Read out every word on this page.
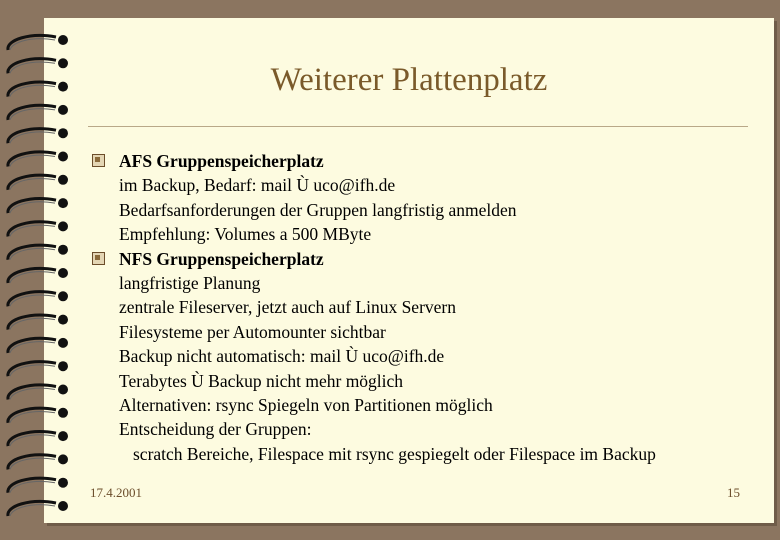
Weiterer Plattenplatz
AFS Gruppenspeicherplatz
im Backup, Bedarf: mail Ù uco@ifh.de
Bedarfsanforderungen der Gruppen langfristig anmelden
Empfehlung: Volumes a 500 MByte
NFS Gruppenspeicherplatz
langfristige Planung
zentrale Fileserver, jetzt auch auf Linux Servern
Filesysteme per Automounter sichtbar
Backup nicht automatisch: mail Ù uco@ifh.de
Terabytes Ù Backup nicht mehr möglich
Alternativen: rsync Spiegeln von Partitionen möglich
Entscheidung der Gruppen:
scratch Bereiche, Filespace mit rsync gespiegelt oder Filespace im Backup
17.4.2001	15
